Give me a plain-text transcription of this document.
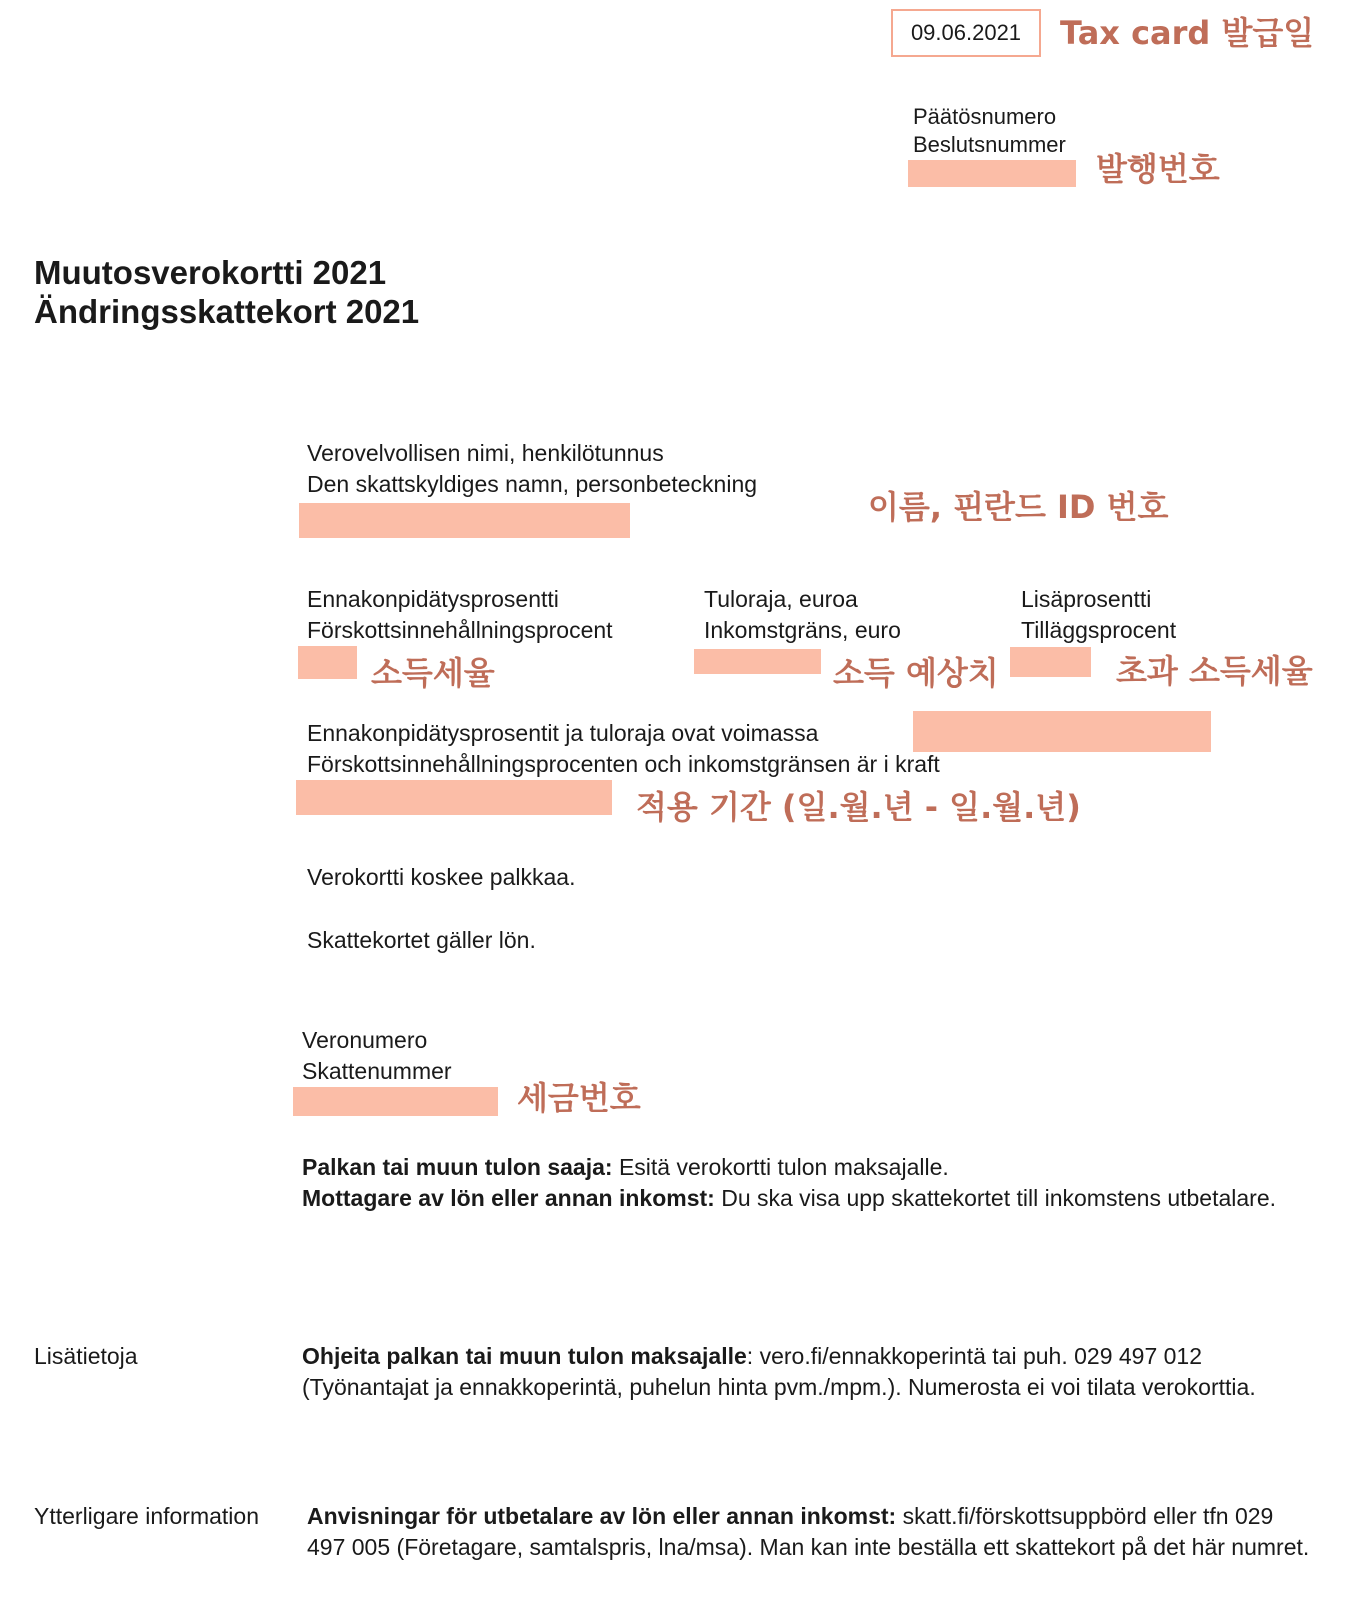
09.06.2021	Tax card 발급일
Päätösnumero
Beslutsnummer
발행번호
Muutosverokortti 2021
Ändringsskattekort 2021
Verovelvollisen nimi, henkilötunnus
Den skattskyldiges namn, personbeteckning
이름, 핀란드 ID 번호
Ennakonpidätysprosentti
Förskottsinnehållningsprocent
소득세율
Tuloraja, euroa
Inkomstgräns, euro
소득 예상치
Lisäprosentti
Tilläggsprocent
초과 소득세율
Ennakonpidätysprosentit ja tuloraja ovat voimassa
Förskottsinnehållningsprocenten och inkomstgränsen är i kraft
적용 기간 (일.월.년 - 일.월.년)
Verokortti koskee palkkaa.
Skattekortet gäller lön.
Veronumero
Skattenummer
세금번호
Palkan tai muun tulon saaja: Esitä verokortti tulon maksajalle.
Mottagare av lön eller annan inkomst: Du ska visa upp skattekortet till inkomstens utbetalare.
Lisätietoja	Ohjeita palkan tai muun tulon maksajalle: vero.fi/ennakkoperintä tai puh. 029 497 012 (Työnantajat ja ennakkoperintä, puhelun hinta pvm./mpm.). Numerosta ei voi tilata verokorttia.
Ytterligare information Anvisningar för utbetalare av lön eller annan inkomst: skatt.fi/förskottsuppbörd eller tfn 029 497 005 (Företagare, samtalspris, lna/msa). Man kan inte beställa ett skattekort på det här numret.
